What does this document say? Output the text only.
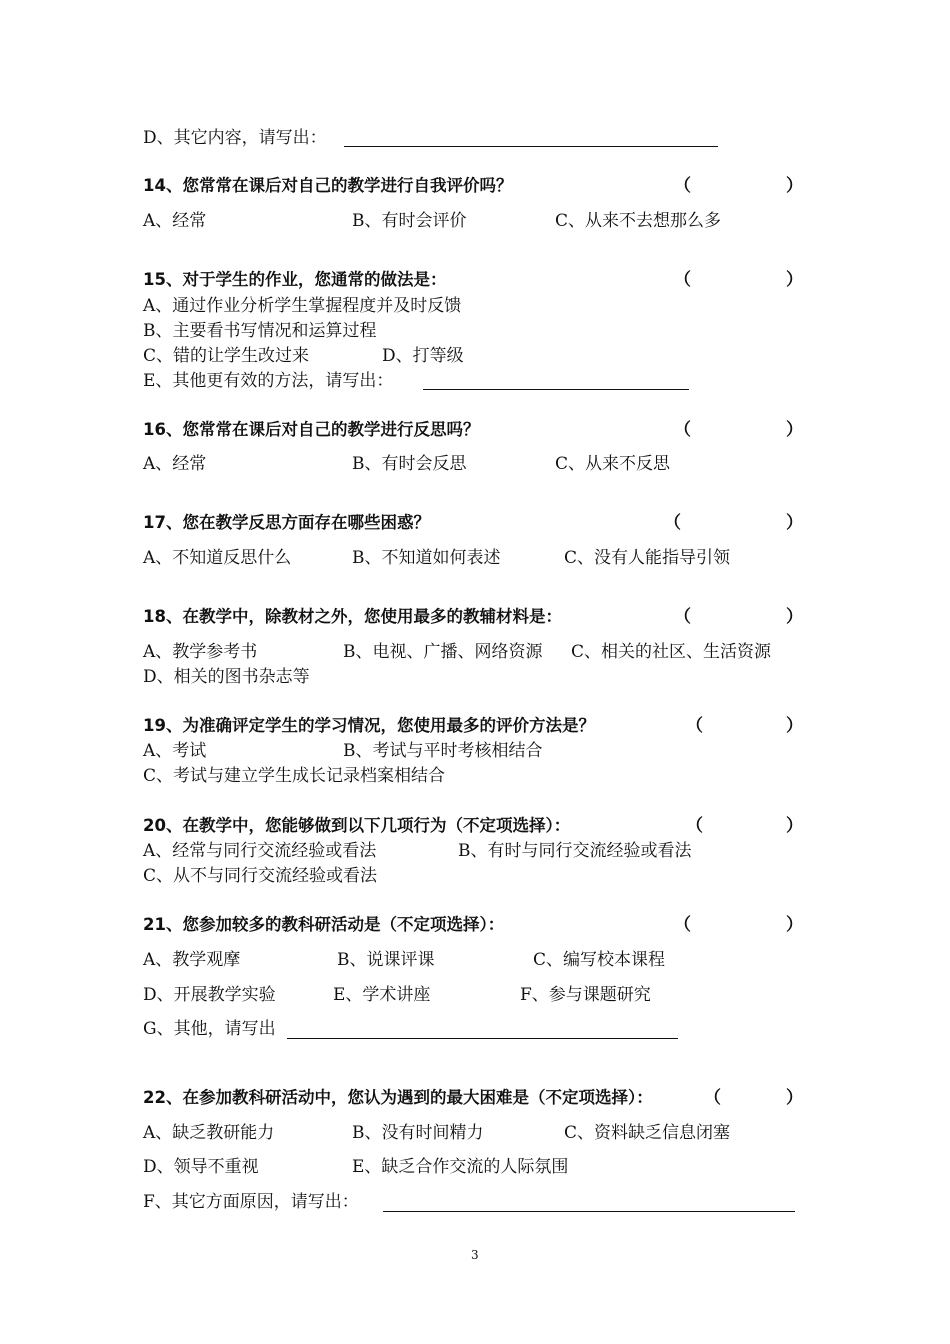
D、其它内容，请写出：
14、您常常在课后对自己的教学进行自我评价吗？
A、经常	B、有时会评价	C、从来不去想那么多
15、对于学生的作业，您通常的做法是：
A、通过作业分析学生掌握程度并及时反馈
B、主要看书写情况和运算过程
C、错的让学生改过来	D、打等级
E、其他更有效的方法，请写出：
16、您常常在课后对自己的教学进行反思吗？
A、经常	B、有时会反思	C、从来不反思
17、您在教学反思方面存在哪些困惑？
A、不知道反思什么	B、不知道如何表述	C、没有人能指导引领
18、在教学中，除教材之外，您使用最多的教辅材料是：
A、教学参考书	B、电视、广播、网络资源 C、相关的社区、生活资源
D、相关的图书杂志等
19、为准确评定学生的学习情况，您使用最多的评价方法是？
A、考试	B、考试与平时考核相结合
C、考试与建立学生成长记录档案相结合
20、在教学中，您能够做到以下几项行为（不定项选择）：
A、经常与同行交流经验或看法	B、有时与同行交流经验或看法
C、从不与同行交流经验或看法
21、您参加较多的教科研活动是（不定项选择）：
A、教学观摩	B、说课评课	C、编写校本课程
D、开展教学实验	E、学术讲座	F、参与课题研究
G、其他，请写出
22、在参加教科研活动中，您认为遇到的最大困难是（不定项选择）：
A、缺乏教研能力	B、没有时间精力	C、资料缺乏信息闭塞
D、领导不重视	E、缺乏合作交流的人际氛围
F、其它方面原因，请写出：
（	）
（	）
（	）
（	）
（	）
（	）
（	）
（	）
（	）
3
